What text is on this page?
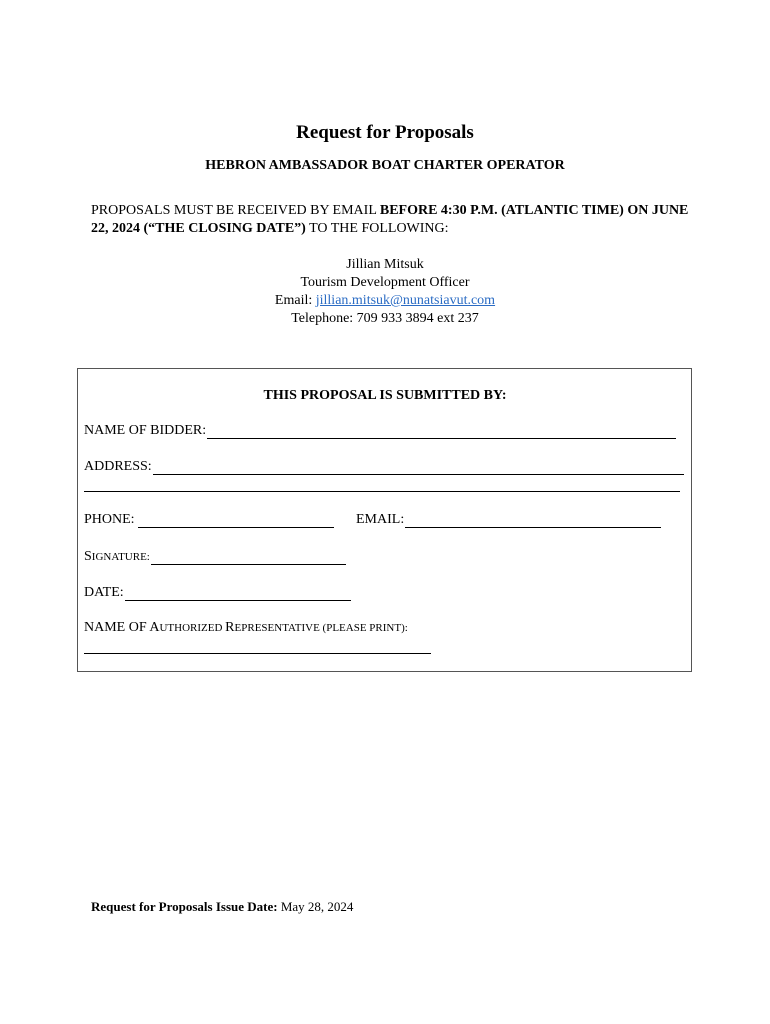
Request for Proposals
HEBRON AMBASSADOR BOAT CHARTER OPERATOR
PROPOSALS MUST BE RECEIVED BY EMAIL BEFORE 4:30 P.M. (ATLANTIC TIME) ON JUNE 22, 2024 (“THE CLOSING DATE”) TO THE FOLLOWING:
Jillian Mitsuk
Tourism Development Officer
Email: jillian.mitsuk@nunatsiavut.com
Telephone: 709 933 3894 ext 237
THIS PROPOSAL IS SUBMITTED BY:
NAME OF BIDDER:
ADDRESS:
PHONE:	EMAIL:
SIGNATURE:
DATE:
NAME OF AUTHORIZED REPRESENTATIVE (PLEASE PRINT):
Request for Proposals Issue Date: May 28, 2024
